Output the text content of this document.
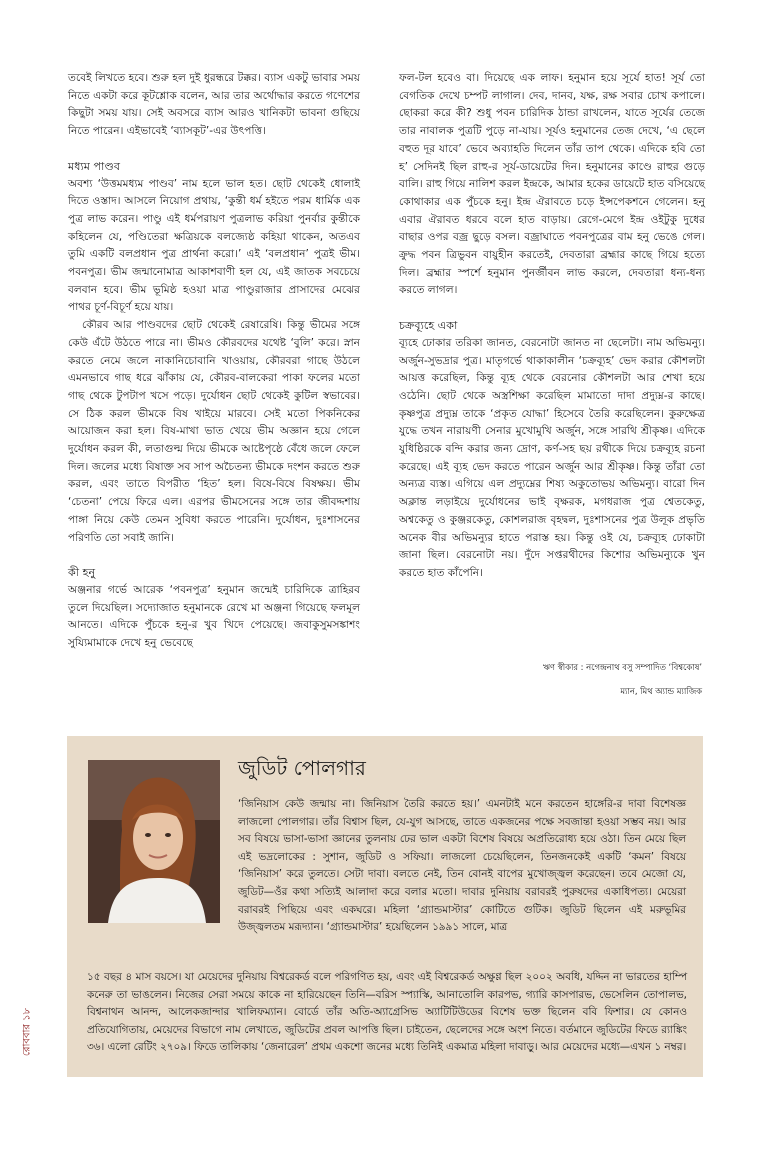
তবেই লিখতে হবে। শুরু হল দুই ধুরন্ধরে টক্কর। ব্যাস একটু ভাবার সময় নিতে একটা করে কূটশ্লোক বলেন, আর তার অর্থোদ্ধার করতে গণেশের কিছুটা সময় যায়। সেই অবসরে ব্যাস আরও খানিকটা ভাবনা গুছিয়ে নিতে পারেন। এইভাবেই ‘ব্যাসকূট’-এর উৎপত্তি।

মধ্যম পাণ্ডব

অবশ্য ‘উত্তমমধ্যম পাণ্ডব’ নাম হলে ভাল হত। ছোট থেকেই ধোলাই দিতে ওস্তাদ। আসলে নিয়োগ প্রথায়, ‘কুন্তী ধর্ম হইতে পরম ধার্মিক এক পুত্র লাভ করেন। পাণ্ডু এই ধর্মপরায়ণ পুত্রলাভ করিয়া পুনর্বার কুন্তীকে কহিলেন যে, পণ্ডিতেরা ক্ষত্রিয়কে বলজ্যেষ্ঠ কহিয়া থাকেন, অতএব তুমি একটি বলপ্রধান পুত্র প্রার্থনা করো।’ এই ‘বলপ্রধান’ পুত্রই ভীম। পবনপুত্র। ভীম জন্মানোমাত্র আকাশবাণী হল যে, এই জাতক সবচেয়ে বলবান হবে। ভীম ভূমিষ্ঠ হওয়া মাত্র পাণ্ডুরাজার প্রাসাদের মেঝের পাথর চূর্ণ-বিচূর্ণ হয়ে যায়।

কৌরব আর পাণ্ডবদের ছোট থেকেই রেষারেষি। কিন্তু ভীমের সঙ্গে কেউ এঁটে উঠতে পারে না। ভীমও কৌরবদের যথেষ্ট ‘বুলি’ করে। স্নান করতে নেমে জলে নাকানিচোবানি খাওয়ায়, কৌরবরা গাছে উঠলে এমনভাবে গাছ ধরে ঝাঁকায় যে, কৌরব-বালকেরা পাকা ফলের মতো গাছ থেকে টুপটাপ খসে পড়ে। দুর্যোধন ছোট থেকেই কুটিল স্বভাবের। সে ঠিক করল ভীমকে বিষ খাইয়ে মারবে। সেই মতো পিকনিকের আয়োজন করা হল। বিষ-মাখা ভাত খেয়ে ভীম অজ্ঞান হয়ে গেলে দুর্যোধন করল কী, লতাগুল্ম দিয়ে ভীমকে আষ্টেপৃষ্ঠে বেঁধে জলে ফেলে দিল। জলের মধ্যে বিষাক্ত সব সাপ অচৈতন্য ভীমকে দংশন করতে শুরু করল, এবং তাতে বিপরীত ‘হিত’ হল। বিষে-বিষে বিষক্ষয়। ভীম ‘চেতনা’ পেয়ে ফিরে এল। এরপর ভীমসেনের সঙ্গে তার জীবদ্দশায় পাঙ্গা নিয়ে কেউ তেমন সুবিধা করতে পারেনি। দুর্যোধন, দুঃশাসনের পরিণতি তো সবাই জানি।

কী হনু

অঞ্জনার গর্ভে আরেক ‘পবনপুত্র’ হনুমান জন্মেই চারিদিকে ত্রাহিরব তুলে দিয়েছিল। সদ্যোজাত হনুমানকে রেখে মা অঞ্জনা গিয়েছে ফলমূল আনতে। এদিকে পুঁচকে হনু-র খুব খিদে পেয়েছে। জবাকুসুমসঙ্কাশং সুয্যিমামাকে দেখে হনু ভেবেছে

ফল-টল হবেও বা। দিয়েছে এক লাফ। হনুমান হয়ে সূর্যে হাত! সূর্য তো বেগতিক দেখে চম্পট লাগাল। দেব, দানব, যক্ষ, রক্ষ সবার চোখ কপালে। ছোকরা করে কী? শুধু পবন চারিদিক ঠান্ডা রাখলেন, যাতে সূর্যের তেজে তার নাবালক পুত্রটি পুড়ে না-যায়। সূর্যও হনুমানের তেজ দেখে, ‘এ ছেলে বহুত দূর যাবে’ ভেবে অব্যাহতি দিলেন তাঁর তাপ থেকে। এদিকে হবি তো হ’ সেদিনই ছিল রাহু-র সূর্য-ডায়েটের দিন। হনুমানের কাণ্ডে রাহুর গুড়ে বালি। রাহু গিয়ে নালিশ করল ইন্দ্রকে, আমার হকের ডায়েটে হাত বসিয়েছে কোথাকার এক পুঁচকে হনু। ইন্দ্র ঐরাবতে চড়ে ইন্সপেকশনে গেলেন। হনু এবার ঐরাবত ধরবে বলে হাত বাড়ায়। রেগে-মেগে ইন্দ্র ওইটুকু দুধের বাছার ওপর বজ্র ছুড়ে বসল। বজ্রাঘাতে পবনপুত্রের বাম হনু ভেঙে গেল। ক্রুদ্ধ পবন ত্রিভুবন বায়ুহীন করতেই, দেবতারা ব্রহ্মার কাছে গিয়ে হত্যে দিল। ব্রহ্মার স্পর্শে হনুমান পুনর্জীবন লাভ করলে, দেবতারা ধন্য-ধন্য করতে লাগল।

চক্রব্যূহে একা

ব্যূহে ঢোকার তরিকা জানত, বেরনোটা জানত না ছেলেটা। নাম অভিমন্যু। অর্জুন-সুভদ্রার পুত্র। মাতৃগর্ভে থাকাকালীন ‘চক্রব্যূহ’ ভেদ করার কৌশলটা আয়ত্ত করেছিল, কিন্তু ব্যূহ থেকে বেরনোর কৌশলটা আর শেখা হয়ে ওঠেনি। ছোট থেকে অস্ত্রশিক্ষা করেছিল মামাতো দাদা প্রদ্যুম্ন-র কাছে। কৃষ্ণপুত্র প্রদ্যুম্ন তাকে ‘প্রকৃত যোদ্ধা’ হিসেবে তৈরি করেছিলেন। কুরুক্ষেত্র যুদ্ধে তখন নারায়ণী সেনার মুখোমুখি অর্জুন, সঙ্গে সারথি শ্রীকৃষ্ণ। এদিকে যুধিষ্ঠিরকে বন্দি করার জন্য দ্রোণ, কর্ণ-সহ ছয় রথীকে দিয়ে চক্রব্যূহ রচনা করেছে। এই ব্যূহ ভেদ করতে পারেন অর্জুন আর শ্রীকৃষ্ণ। কিন্তু তাঁরা তো অন্যত্র ব্যস্ত। এগিয়ে এল প্রদ্যুম্নের শিষ্য অকুতোভয় অভিমন্যু। বারো দিন অক্লান্ত লড়াইয়ে দুর্যোধনের ভাই বৃক্ষরক, মগধরাজ পুত্র শ্বেতকেতু, অশ্বকেতু ও কুঞ্জরকেতু, কোশলরাজ বৃহদ্বল, দুঃশাসনের পুত্র উলূক প্রভৃতি অনেক বীর অভিমন্যুর হাতে পরাস্ত হয়। কিন্তু ওই যে, চক্রব্যূহ ঢোকাটা জানা ছিল। বেরনোটা নয়। দুঁদে সপ্তরথীদের কিশোর অভিমন্যুকে খুন করতে হাত কাঁপেনি।

ঋণ স্বীকার : নগেন্দ্রনাথ বসু সম্পাদিত ‘বিশ্বকোষ’
ম্যান, মিথ অ্যান্ড ম্যাজিক
জুডিট পোলগার

‘জিনিয়াস কেউ জন্মায় না। জিনিয়াস তৈরি করতে হয়।’ এমনটাই মনে করতেন হাঙ্গেরি-র দাবা বিশেষজ্ঞ লাজলো পোলগার। তাঁর বিশ্বাস ছিল, যে-যুগ আসছে, তাতে একজনের পক্ষে সবজান্তা হওয়া সম্ভব নয়। আর সব বিষয়ে ভাসা-ভাসা জ্ঞানের তুলনায় ঢের ভাল একটা বিশেষ বিষয়ে অপ্রতিরোধ্য হয়ে ওঠা। তিন মেয়ে ছিল এই ভদ্রলোকের : সুশান, জুডিট ও সফিয়া। লাজলো চেয়েছিলেন, তিনজনকেই একটি ‘কমন’ বিষয়ে ‘জিনিয়াস’ করে তুলতে। সেটা দাবা। বলতে নেই, তিন বোনই বাপের মুখোজ্জ্বল করেছেন। তবে মেজো যে, জুডিট—ওঁর কথা সত্যিই আলাদা করে বলার মতো। দাবার দুনিয়ায় বরাবরই পুরুষদের একাধিপত্য। মেয়েরা বরাবরই পিছিয়ে এবং একঘরে। মহিলা ‘গ্র্যান্ডমাস্টার’ কোটিতে গুটিক। জুডিট ছিলেন এই মরুভূমির উজ্জ্বলতম মরূদ্যান। ‘গ্র্যান্ডমাস্টার’ হয়েছিলেন ১৯৯১ সালে, মাত্র

১৫ বছর ৪ মাস বয়সে। যা মেয়েদের দুনিয়ায় বিশ্বরেকর্ড বলে পরিগণিত হয়, এবং এই বিশ্বরেকর্ড অক্ষুণ্ণ ছিল ২০০২ অবধি, যদ্দিন না ভারতের হাম্পি কনেরু তা ভাঙলেন। নিজের সেরা সময়ে কাকে না হারিয়েছেন তিনি—বরিস স্প্যাস্কি, আনাতোলি কারপভ, গ্যারি কাসপারভ, ভেসেলিন তোপালভ, বিশ্বনাথন আনন্দ, আলেকজান্দার খালিফম্যান। বোর্ডে তাঁর অতি-অ্যাগ্রেসিভ অ্যাটিটিউডের বিশেষ ভক্ত ছিলেন ববি ফিশার। যে কোনও প্রতিযোগিতায়, মেয়েদের বিভাগে নাম লেখাতে, জুডিটের প্রবল আপত্তি ছিল। চাইতেন, ছেলেদের সঙ্গে অংশ নিতে। বর্তমানে জুডিটের ফিডে র‌্যাঙ্কিং ৩৬। এলো রেটিং ২৭০৯। ফিডে তালিকায় ‘জেনারেল’ প্রথম একশো জনের মধ্যে তিনিই একমাত্র মহিলা দাবাড়ু। আর মেয়েদের মধ্যে—এখন ১ নম্বর।

রোববার ১৮
